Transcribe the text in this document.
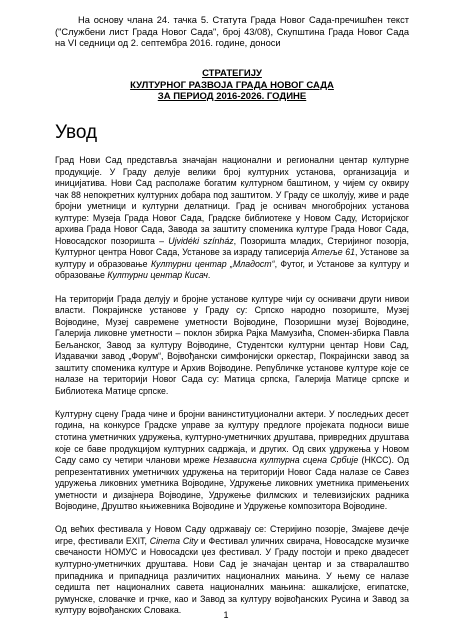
На основу члана 24. тачка 5. Статута Града Новог Сада-пречишћен текст ("Службени лист Града Новог Сада", број 43/08), Скупштина Града Новог Сада на VI седници од 2. септембра 2016. године, доноси
СТРАТЕГИЈУ
КУЛТУРНОГ РАЗВОЈА ГРАДА НОВОГ САДА
ЗА ПЕРИОД 2016-2026. ГОДИНЕ
Увод

Град Нови Сад представља значајан национални и регионални центар културне продукције. У Граду делује велики број културних установа, организација и иницијатива. Нови Сад располаже богатим културном баштином, у чијем су оквиру чак 88 непокретних културних добара под заштитом. У Граду се школују, живе и раде бројни уметници и културни делатници. Град је оснивач многобројних установа културе: Музеја Града Новог Сада, Градске библиотеке у Новом Саду, Историјског архива Града Новог Сада, Завода за заштиту споменика културе Града Новог Сада, Новосадског позоришта – Ujvidéki színház, Позоришта младих, Стеријиног позорја, Културног центра Новог Сада, Установе за израду таписерија Атеље 61, Установе за културу и образовање Културни центар „Младост“, Футог, и Установе за културу и образовање Културни центар Кисач.

На територији Града делују и бројне установе културе чији су оснивачи други нивои власти. Покрајинске установе у Граду су: Српско народно позориште, Музеј Војводине, Музеј савремене уметности Војводине, Позоришни музеј Војводине, Галерија ликовне уметности – поклон збирка Рајка Мамузића, Спомен-збирка Павла Бељанског, Завод за културу Војводине, Студентски културни центар Нови Сад, Издавачки завод „Форум“, Војвођански симфонијски оркестар, Покрајински завод за заштиту споменика културе и Архив Војводине. Републичке установе културе које се налазе на територији Новог Сада су: Матица српска, Галерија Матице српске и Библиотека Матице српске.

Културну сцену Града чине и бројни ванинституционални актери. У последњих десет година, на конкурсе Градске управе за културу предлоге пројеката подноси више стотина уметничких удружења, културно-уметничких друштава, привредних друштава које се баве продукцијом културних садржаја, и других. Од свих удружења у Новом Саду само су четири чланови мреже Независна културна сцена Србије (НКСС). Од репрезентативних уметничких удружења на територији Новог Сада налазе се Савез удружења ликовних уметника Војводине, Удружење ликовних уметника примењених уметности и дизајнера Војводине, Удружење филмских и телевизијских радника Војводине, Друштво књижевника Војводине и Удружење композитора Војводине.

Од већих фестивала у Новом Саду одржавају се: Стеријино позорје, Змајеве дечје игре, фестивали EXIT, Cinema City и Фестивал уличних свирача, Новосадске музичке свечаности НОМУС и Новосадски џез фестивал. У Граду постоји и преко двадесет културно-уметничких друштава. Нови Сад је значајан центар и за стваралаштво припадника и припадница различитих националних мањина. У њему се налазе седишта пет националних савета националних мањина: ашкалијске, египатске, румунске, словачке и грчке, као и Завод за културу војвођанских Русина и Завод за културу војвођанских Словака.	1
